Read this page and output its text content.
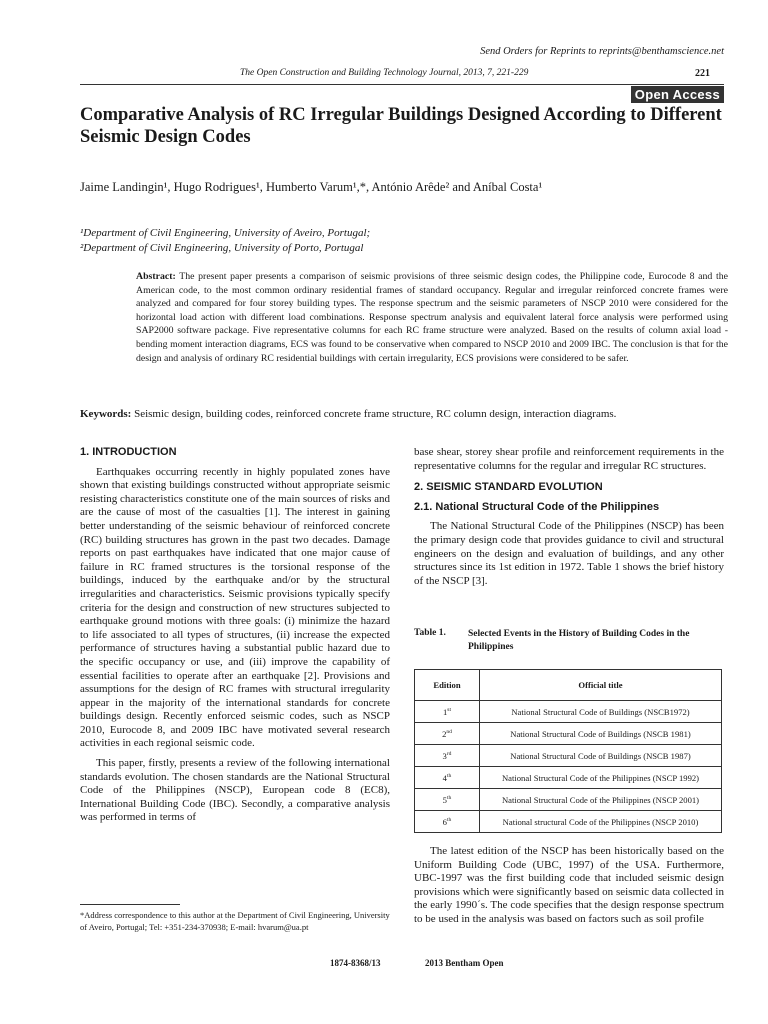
Send Orders for Reprints to reprints@benthamscience.net
The Open Construction and Building Technology Journal, 2013, 7, 221-229	221
Open Access
Comparative Analysis of RC Irregular Buildings Designed According to Different Seismic Design Codes
Jaime Landingin¹, Hugo Rodrigues¹, Humberto Varum¹,*, António Arêde² and Aníbal Costa¹
¹Department of Civil Engineering, University of Aveiro, Portugal;
²Department of Civil Engineering, University of Porto, Portugal
Abstract: The present paper presents a comparison of seismic provisions of three seismic design codes, the Philippine code, Eurocode 8 and the American code, to the most common ordinary residential frames of standard occupancy. Regular and irregular reinforced concrete frames were analyzed and compared for four storey building types. The response spectrum and the seismic parameters of NSCP 2010 were considered for the horizontal load action with different load combinations. Response spectrum analysis and equivalent lateral force analysis were performed using SAP2000 software package. Five representative columns for each RC frame structure were analyzed. Based on the results of column axial load - bending moment interaction diagrams, ECS was found to be conservative when compared to NSCP 2010 and 2009 IBC. The conclusion is that for the design and analysis of ordinary RC residential buildings with certain irregularity, ECS provisions were considered to be safer.
Keywords: Seismic design, building codes, reinforced concrete frame structure, RC column design, interaction diagrams.
1. INTRODUCTION

Earthquakes occurring recently in highly populated zones have shown that existing buildings constructed without appropriate seismic resisting characteristics constitute one of the main sources of risks and are the cause of most of the casualties [1]. The interest in gaining better understanding of the seismic behaviour of reinforced concrete (RC) building structures has grown in the past two decades. Damage reports on past earthquakes have indicated that one major cause of failure in RC framed structures is the torsional response of the buildings, induced by the earthquake and/or by the structural irregularities and characteristics. Seismic provisions typically specify criteria for the design and construction of new structures subjected to earthquake ground motions with three goals: (i) minimize the hazard to life associated to all types of structures, (ii) increase the expected performance of structures having a substantial public hazard due to the specific occupancy or use, and (iii) improve the capability of essential facilities to operate after an earthquake [2]. Provisions and assumptions for the design of RC frames with structural irregularity appear in the majority of the international standards for concrete buildings design. Recently enforced seismic codes, such as NSCP 2010, Eurocode 8, and 2009 IBC have motivated several research activities in each regional seismic code.

This paper, firstly, presents a review of the following international standards evolution. The chosen standards are the National Structural Code of the Philippines (NSCP), European code 8 (EC8), International Building Code (IBC). Secondly, a comparative analysis was performed in terms of

*Address correspondence to this author at the Department of Civil Engineering, University of Aveiro, Portugal; Tel: +351-234-370938; E-mail: hvarum@ua.pt

base shear, storey shear profile and reinforcement requirements in the representative columns for the regular and irregular RC structures.

2. SEISMIC STANDARD EVOLUTION
2.1. National Structural Code of the Philippines

The National Structural Code of the Philippines (NSCP) has been the primary design code that provides guidance to civil and structural engineers on the design and evaluation of buildings, and any other structures since its 1st edition in 1972. Table 1 shows the brief history of the NSCP [3].

Table 1.	Selected Events in the History of Building Codes in the Philippines
Edition	Official title
1st	National Structural Code of Buildings (NSCB1972)
2nd	National Structural Code of Buildings (NSCB 1981)
3rd	National Structural Code of Buildings (NSCB 1987)
4th	National Structural Code of the Philippines (NSCP 1992)
5th	National Structural Code of the Philippines (NSCP 2001)
6th	National structural Code of the Philippines (NSCP 2010)

The latest edition of the NSCP has been historically based on the Uniform Building Code (UBC, 1997) of the USA. Furthermore, UBC-1997 was the first building code that included seismic design provisions which were significantly based on seismic data collected in the early 1990´s. The code specifies that the design response spectrum to be used in the analysis was based on factors such as soil profile

1874-8368/13	2013 Bentham Open
